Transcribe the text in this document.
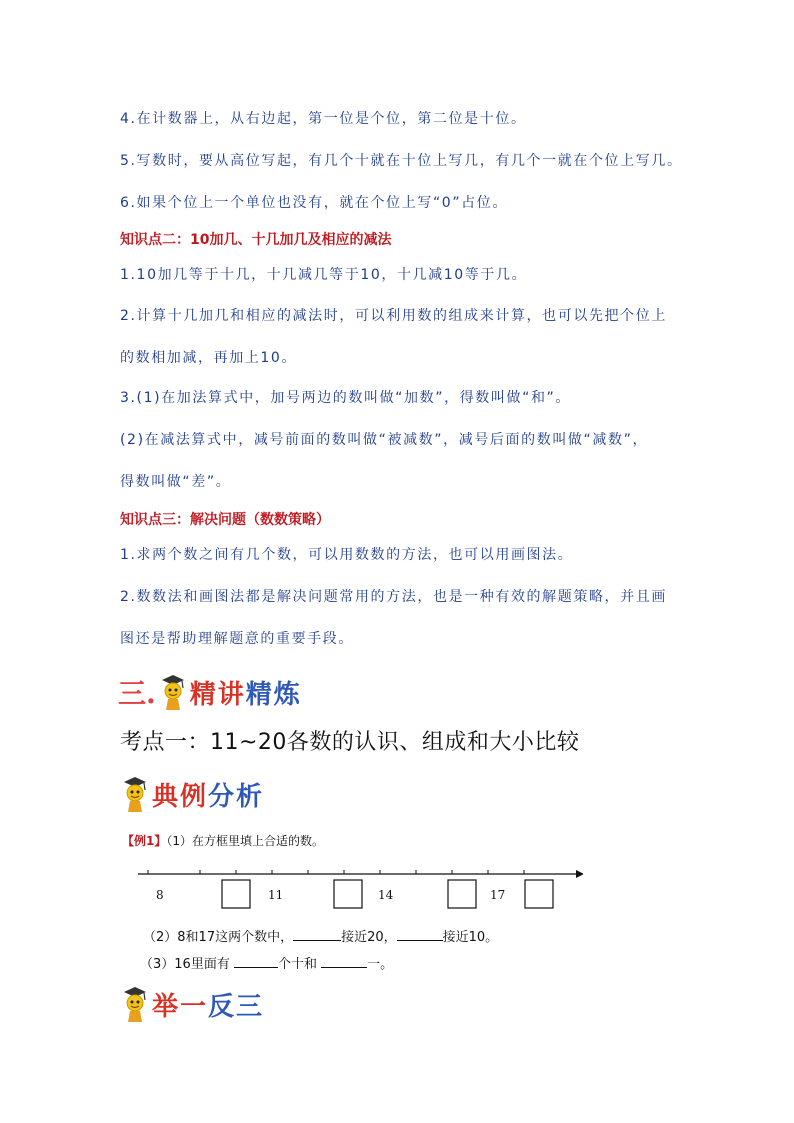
4.在计数器上，从右边起，第一位是个位，第二位是十位。
5.写数时，要从高位写起，有几个十就在十位上写几，有几个一就在个位上写几。
6.如果个位上一个单位也没有，就在个位上写“0”占位。
知识点二：10加几、十几加几及相应的减法
1.10加几等于十几，十几减几等于10，十几减10等于几。
2.计算十几加几和相应的减法时，可以利用数的组成来计算，也可以先把个位上
的数相加减，再加上10。
3.(1)在加法算式中，加号两边的数叫做“加数”，得数叫做“和”。
(2)在减法算式中，减号前面的数叫做“被减数”，减号后面的数叫做“减数”，
得数叫做“差”。
知识点三：解决问题（数数策略）
1.求两个数之间有几个数，可以用数数的方法，也可以用画图法。
2.数数法和画图法都是解决问题常用的方法，也是一种有效的解题策略，并且画
图还是帮助理解题意的重要手段。
三. 精讲 精炼
考点一：11~20各数的认识、组成和大小比较
典例 分析
【例1】（1）在方框里填上合适的数。
8	11	14	17
（2）8和17这两个数中，	接近20，	接近10。
（3）16里面有	个十和	一。
举一 反三
